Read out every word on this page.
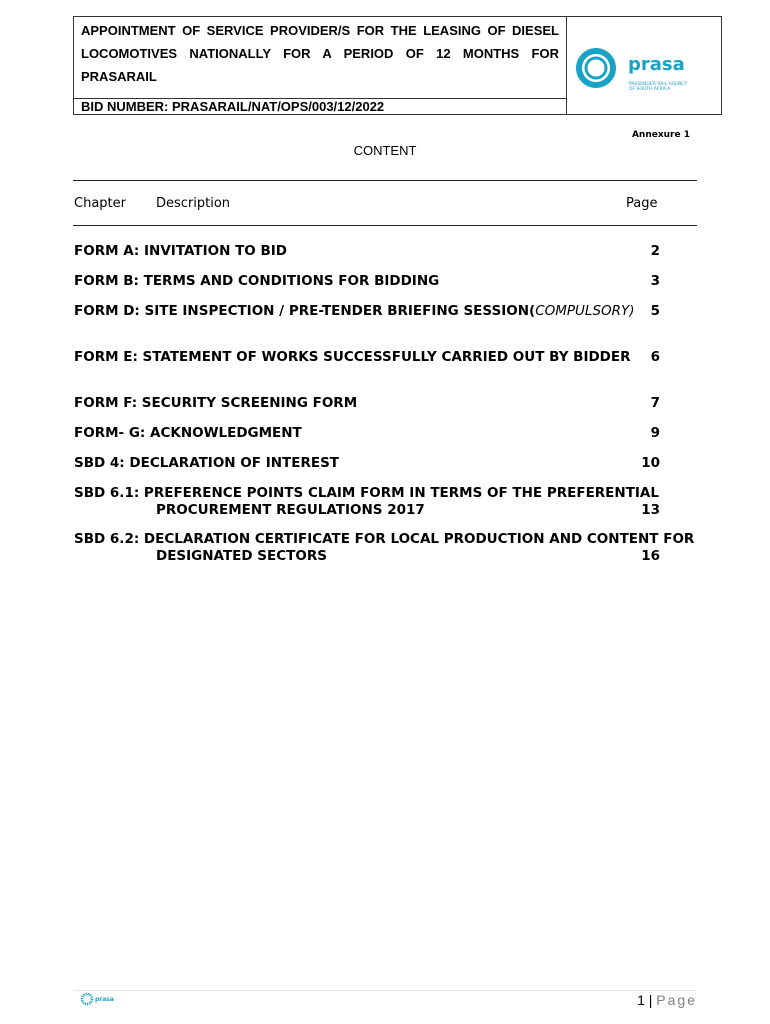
APPOINTMENT OF SERVICE PROVIDER/S FOR THE LEASING OF DIESEL LOCOMOTIVES NATIONALLY FOR A PERIOD OF 12 MONTHS FOR PRASARAIL
BID NUMBER: PRASARAIL/NAT/OPS/003/12/2022
prasa
PASSENGER RAIL AGENCY
OF SOUTH AFRICA
Annexure 1
CONTENT
Chapter Description	Page
FORM A: INVITATION TO BID	2
FORM B: TERMS AND CONDITIONS FOR BIDDING	3
FORM D: SITE INSPECTION / PRE-TENDER BRIEFING SESSION(COMPULSORY)	5
FORM E: STATEMENT OF WORKS SUCCESSFULLY CARRIED OUT BY BIDDER	6
FORM F: SECURITY SCREENING FORM	7
FORM- G: ACKNOWLEDGMENT	9
SBD 4: DECLARATION OF INTEREST	10
SBD 6.1: PREFERENCE POINTS CLAIM FORM IN TERMS OF THE PREFERENTIAL PROCUREMENT REGULATIONS 2017	13
SBD 6.2: DECLARATION CERTIFICATE FOR LOCAL PRODUCTION AND CONTENT FOR DESIGNATED SECTORS	16
prasa	1 | Page
